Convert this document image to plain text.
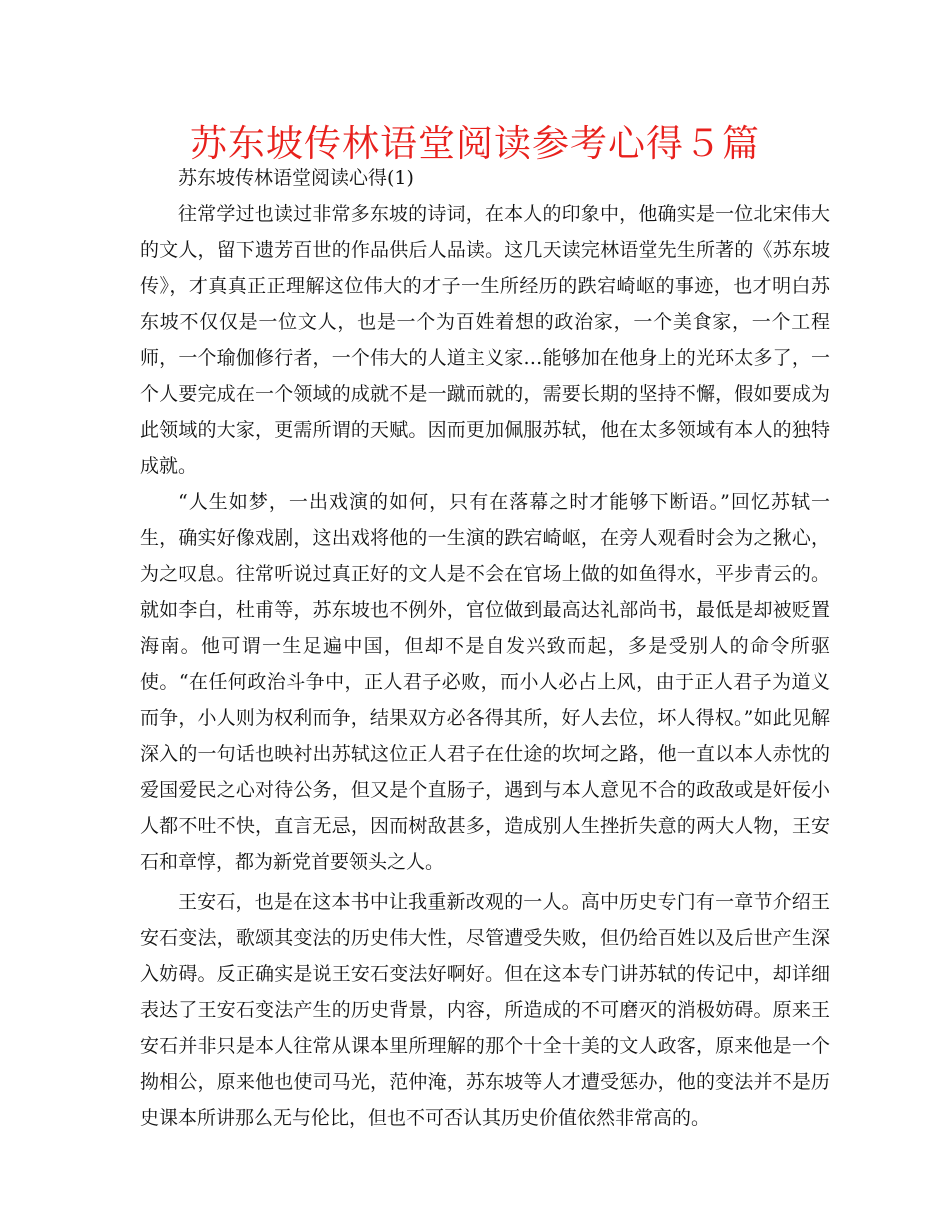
苏东坡传林语堂阅读参考心得５篇

苏东坡传林语堂阅读心得(1)

往常学过也读过非常多东坡的诗词，在本人的印象中，他确实是一位北宋伟大的文人，留下遗芳百世的作品供后人品读。这几天读完林语堂先生所著的《苏东坡传》，才真真正正理解这位伟大的才子一生所经历的跌宕崎岖的事迹，也才明白苏东坡不仅仅是一位文人，也是一个为百姓着想的政治家，一个美食家，一个工程师，一个瑜伽修行者，一个伟大的人道主义家…能够加在他身上的光环太多了，一个人要完成在一个领域的成就不是一蹴而就的，需要长期的坚持不懈，假如要成为此领域的大家，更需所谓的天赋。因而更加佩服苏轼，他在太多领域有本人的独特成就。

“人生如梦，一出戏演的如何，只有在落幕之时才能够下断语。”回忆苏轼一生，确实好像戏剧，这出戏将他的一生演的跌宕崎岖，在旁人观看时会为之揪心，为之叹息。往常听说过真正好的文人是不会在官场上做的如鱼得水，平步青云的。就如李白，杜甫等，苏东坡也不例外，官位做到最高达礼部尚书，最低是却被贬置海南。他可谓一生足遍中国，但却不是自发兴致而起，多是受别人的命令所驱使。“在任何政治斗争中，正人君子必败，而小人必占上风，由于正人君子为道义而争，小人则为权利而争，结果双方必各得其所，好人去位，坏人得权。”如此见解深入的一句话也映衬出苏轼这位正人君子在仕途的坎坷之路，他一直以本人赤忱的爱国爱民之心对待公务，但又是个直肠子，遇到与本人意见不合的政敌或是奸佞小人都不吐不快，直言无忌，因而树敌甚多，造成别人生挫折失意的两大人物，王安石和章惇，都为新党首要领头之人。

王安石，也是在这本书中让我重新改观的一人。高中历史专门有一章节介绍王安石变法，歌颂其变法的历史伟大性，尽管遭受失败，但仍给百姓以及后世产生深入妨碍。反正确实是说王安石变法好啊好。但在这本专门讲苏轼的传记中，却详细表达了王安石变法产生的历史背景，内容，所造成的不可磨灭的消极妨碍。原来王安石并非只是本人往常从课本里所理解的那个十全十美的文人政客，原来他是一个拗相公，原来他也使司马光，范仲淹，苏东坡等人才遭受惩办，他的变法并不是历史课本所讲那么无与伦比，但也不可否认其历史价值依然非常高的。
